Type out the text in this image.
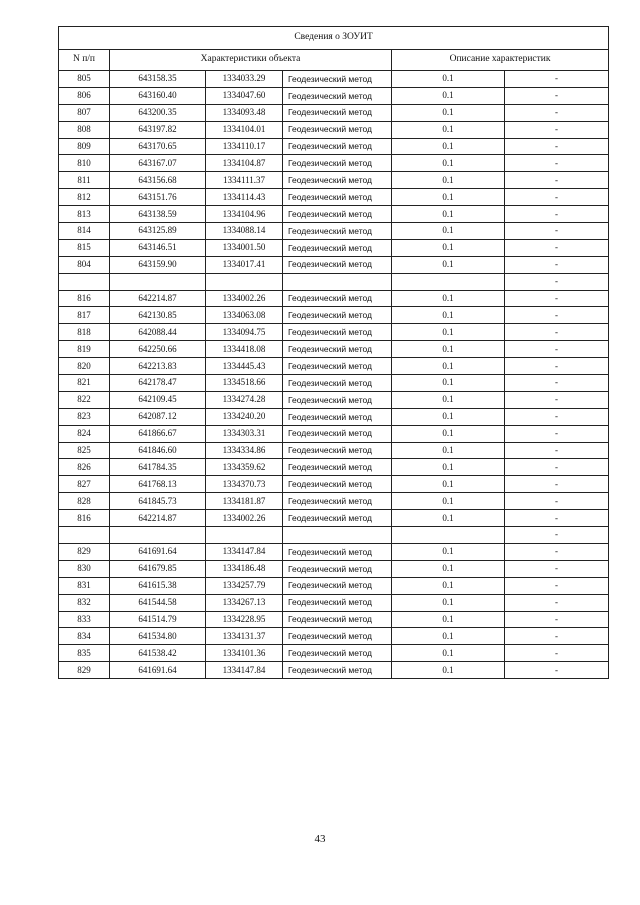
Сведения о ЗОУИТ					
N п/п	Характеристики объекта			Описание характеристик	
805	643158.35	1334033.29	Геодезический метод	0.1	-
806	643160.40	1334047.60	Геодезический метод	0.1	-
807	643200.35	1334093.48	Геодезический метод	0.1	-
808	643197.82	1334104.01	Геодезический метод	0.1	-
809	643170.65	1334110.17	Геодезический метод	0.1	-
810	643167.07	1334104.87	Геодезический метод	0.1	-
811	643156.68	1334111.37	Геодезический метод	0.1	-
812	643151.76	1334114.43	Геодезический метод	0.1	-
813	643138.59	1334104.96	Геодезический метод	0.1	-
814	643125.89	1334088.14	Геодезический метод	0.1	-
815	643146.51	1334001.50	Геодезический метод	0.1	-
804	643159.90	1334017.41	Геодезический метод	0.1	-
					-
816	642214.87	1334002.26	Геодезический метод	0.1	-
817	642130.85	1334063.08	Геодезический метод	0.1	-
818	642088.44	1334094.75	Геодезический метод	0.1	-
819	642250.66	1334418.08	Геодезический метод	0.1	-
820	642213.83	1334445.43	Геодезический метод	0.1	-
821	642178.47	1334518.66	Геодезический метод	0.1	-
822	642109.45	1334274.28	Геодезический метод	0.1	-
823	642087.12	1334240.20	Геодезический метод	0.1	-
824	641866.67	1334303.31	Геодезический метод	0.1	-
825	641846.60	1334334.86	Геодезический метод	0.1	-
826	641784.35	1334359.62	Геодезический метод	0.1	-
827	641768.13	1334370.73	Геодезический метод	0.1	-
828	641845.73	1334181.87	Геодезический метод	0.1	-
816	642214.87	1334002.26	Геодезический метод	0.1	-
					-
829	641691.64	1334147.84	Геодезический метод	0.1	-
830	641679.85	1334186.48	Геодезический метод	0.1	-
831	641615.38	1334257.79	Геодезический метод	0.1	-
832	641544.58	1334267.13	Геодезический метод	0.1	-
833	641514.79	1334228.95	Геодезический метод	0.1	-
834	641534.80	1334131.37	Геодезический метод	0.1	-
835	641538.42	1334101.36	Геодезический метод	0.1	-
829	641691.64	1334147.84	Геодезический метод	0.1	-
43
